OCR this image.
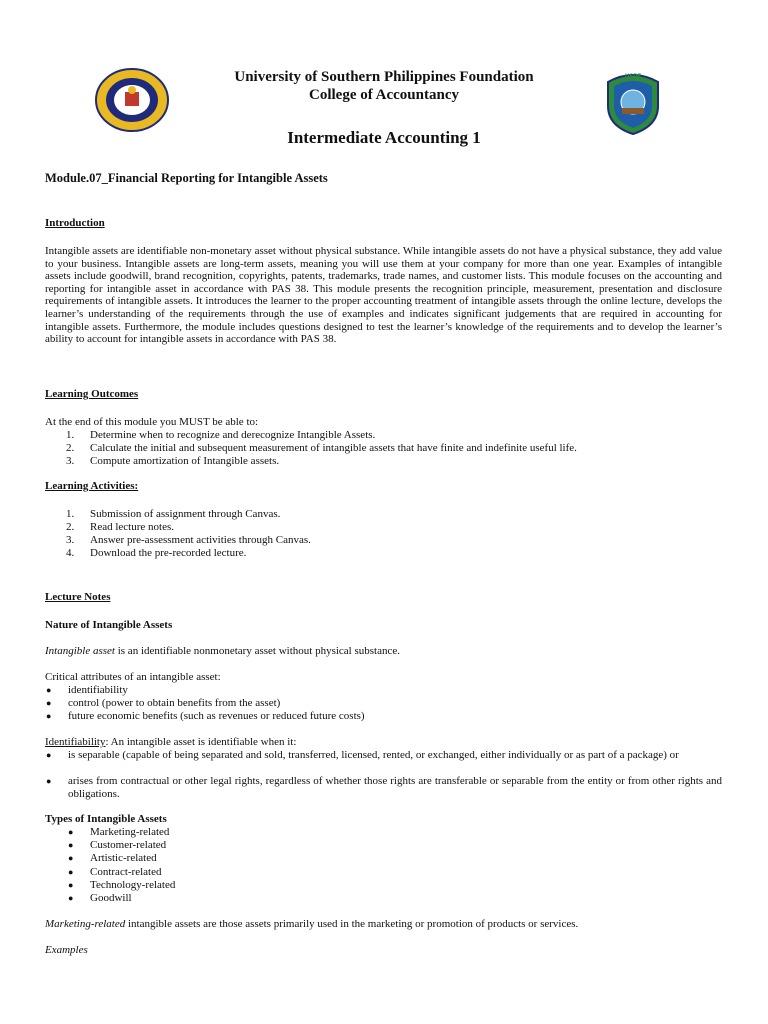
USPF
University of Southern Philippines Foundation
College of Accountancy
Intermediate Accounting 1
Module.07_Financial Reporting for Intangible Assets
Introduction
Intangible assets are identifiable non-monetary asset without physical substance. While intangible assets do not have a physical substance, they add value to your business. Intangible assets are long-term assets, meaning you will use them at your company for more than one year. Examples of intangible assets include goodwill, brand recognition, copyrights, patents, trademarks, trade names, and customer lists. This module focuses on the accounting and reporting for intangible asset in accordance with PAS 38. This module presents the recognition principle, measurement, presentation and disclosure requirements of intangible assets. It introduces the learner to the proper accounting treatment of intangible assets through the online lecture, develops the learner’s understanding of the requirements through the use of examples and indicates significant judgements that are required in accounting for intangible assets. Furthermore, the module includes questions designed to test the learner’s knowledge of the requirements and to develop the learner’s ability to account for intangible assets in accordance with PAS 38.
Learning Outcomes
At the end of this module you MUST be able to:
1. Determine when to recognize and derecognize Intangible Assets.
2. Calculate the initial and subsequent measurement of intangible assets that have finite and indefinite useful life.
3. Compute amortization of Intangible assets.
Learning Activities:
1. Submission of assignment through Canvas.
2. Read lecture notes.
3. Answer pre-assessment activities through Canvas.
4. Download the pre-recorded lecture.
Lecture Notes
Nature of Intangible Assets
Intangible asset is an identifiable nonmonetary asset without physical substance.
Critical attributes of an intangible asset:
● identifiability
● control (power to obtain benefits from the asset)
● future economic benefits (such as revenues or reduced future costs)
Identifiability: An intangible asset is identifiable when it:
● is separable (capable of being separated and sold, transferred, licensed, rented, or exchanged, either individually or as part of a package) or
● arises from contractual or other legal rights, regardless of whether those rights are transferable or separable from the entity or from other rights and obligations.
Types of Intangible Assets
● Marketing-related
● Customer-related
● Artistic-related
● Contract-related
● Technology-related
● Goodwill
Marketing-related intangible assets are those assets primarily used in the marketing or promotion of products or services.
Examples
